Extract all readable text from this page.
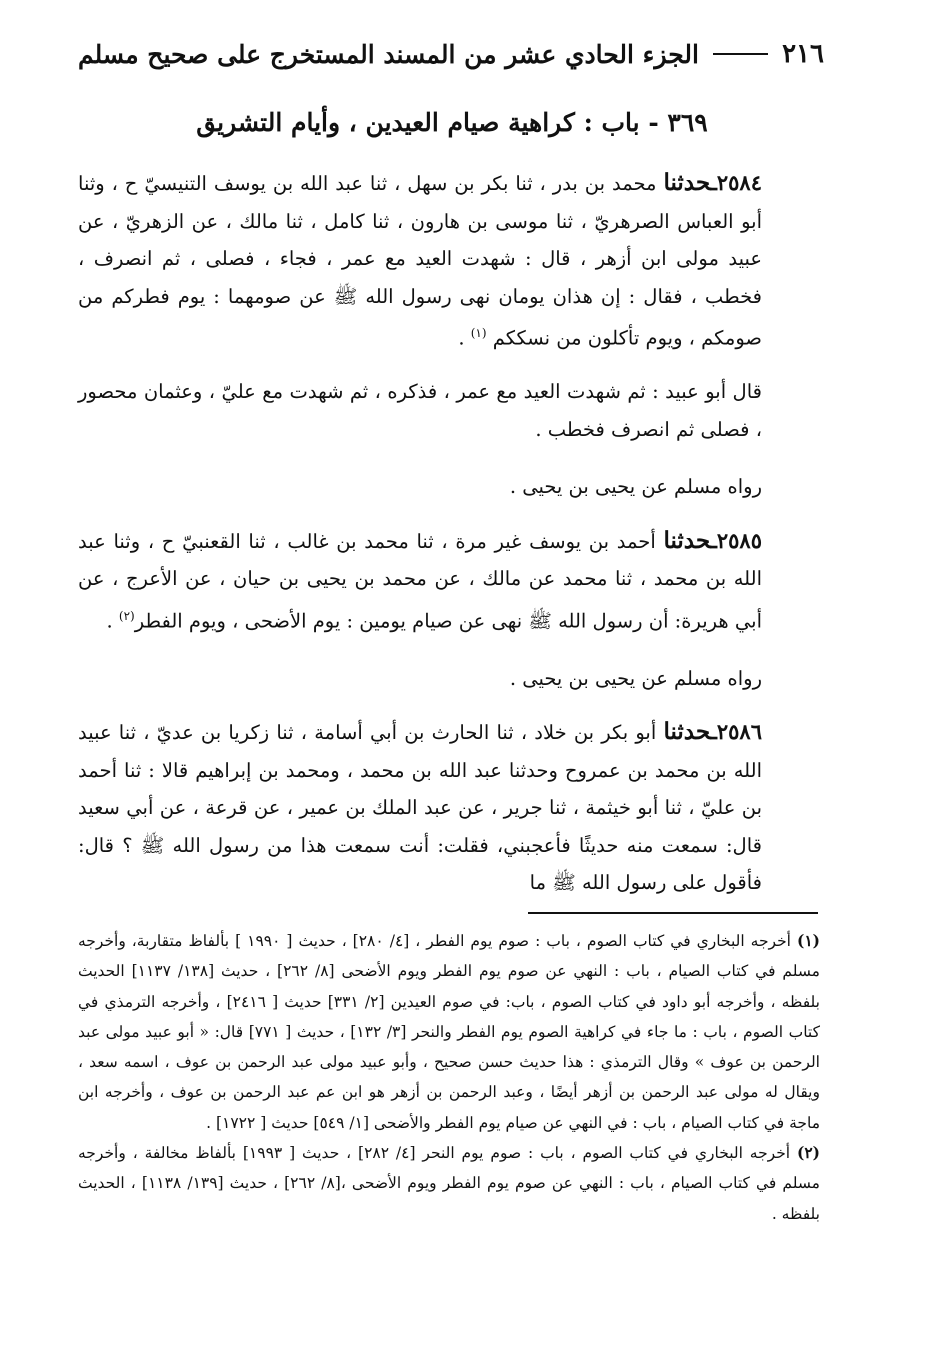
٢١٦
الجزء الحادي عشر من المسند المستخرج على صحيح مسلم
٣٦٩ - باب : كراهية صيام العيدين ، وأيام التشريق

٢٥٨٤ـحدثنا محمد بن بدر ، ثنا بكر بن سهل ، ثنا عبد الله بن يوسف التنيسيّ ح ، وثنا أبو العباس الصرهريّ ، ثنا موسى بن هارون ، ثنا كامل ، ثنا مالك ، عن الزهريّ ، عن عبيد مولى ابن أزهر ، قال : شهدت العيد مع عمر ، فجاء ، فصلى ، ثم انصرف ، فخطب ، فقال : إن هذان يومان نهى رسول الله ﷺ عن صومهما : يوم فطركم من صومكم ، ويوم تأكلون من نسككم $^{(١)}$ .

قال أبو عبيد : ثم شهدت العيد مع عمر ، فذكره ، ثم شهدت مع عليّ ، وعثمان محصور ، فصلى ثم انصرف فخطب .

رواه مسلم عن يحيى بن يحيى .

٢٥٨٥ـحدثنا أحمد بن يوسف غير مرة ، ثنا محمد بن غالب ، ثنا القعنبيّ ح ، وثنا عبد الله بن محمد ، ثنا محمد عن مالك ، عن محمد بن يحيى بن حيان ، عن الأعرج ، عن أبي هريرة: أن رسول الله ﷺ نهى عن صيام يومين : يوم الأضحى ، ويوم الفطر$^{(٢)}$ .

رواه مسلم عن يحيى بن يحيى .

٢٥٨٦ـحدثنا أبو بكر بن خلاد ، ثنا الحارث بن أبي أسامة ، ثنا زكريا بن عديّ ، ثنا عبيد الله بن محمد بن عمروح وحدثنا عبد الله بن محمد ، ومحمد بن إبراهيم قالا : ثنا أحمد بن عليّ ، ثنا أبو خيثمة ، ثنا جرير ، عن عبد الملك بن عمير ، عن قرعة ، عن أبي سعيد قال: سمعت منه حديثًا فأعجبني، فقلت: أنت سمعت هذا من رسول الله ﷺ ؟ قال: فأقول على رسول الله ﷺ ما

(١) أخرجه البخاري في كتاب الصوم ، باب : صوم يوم الفطر ، [٤/ ٢٨٠] ، حديث [ ١٩٩٠ ] بألفاظ متقاربة، وأخرجه مسلم في كتاب الصيام ، باب : النهي عن صوم يوم الفطر ويوم الأضحى [٨/ ٢٦٢] ، حديث [١٣٨/ ١١٣٧] الحديث بلفظه ، وأخرجه أبو داود في كتاب الصوم ، باب: في صوم العيدين [٢/ ٣٣١] حديث [ ٢٤١٦] ، وأخرجه الترمذي في كتاب الصوم ، باب : ما جاء في كراهية الصوم يوم الفطر والنحر [٣/ ١٣٢] ، حديث [ ٧٧١] قال: « أبو عبيد مولى عبد الرحمن بن عوف » وقال الترمذي : هذا حديث حسن صحيح ، وأبو عبيد مولى عبد الرحمن بن عوف ، اسمه سعد ، ويقال له مولى عبد الرحمن بن أزهر أيضًا ، وعبد الرحمن بن أزهر هو ابن عم عبد الرحمن بن عوف ، وأخرجه ابن ماجة في كتاب الصيام ، باب : في النهي عن صيام يوم الفطر والأضحى [١/ ٥٤٩] حديث [ ١٧٢٢] .

(٢) أخرجه البخاري في كتاب الصوم ، باب : صوم يوم النحر [٤/ ٢٨٢] ، حديث [ ١٩٩٣] بألفاظ مخالفة ، وأخرجه مسلم في كتاب الصيام ، باب : النهي عن صوم يوم الفطر ويوم الأضحى ،[٨/ ٢٦٢] ، حديث [١٣٩/ ١١٣٨] ، الحديث بلفظه .
